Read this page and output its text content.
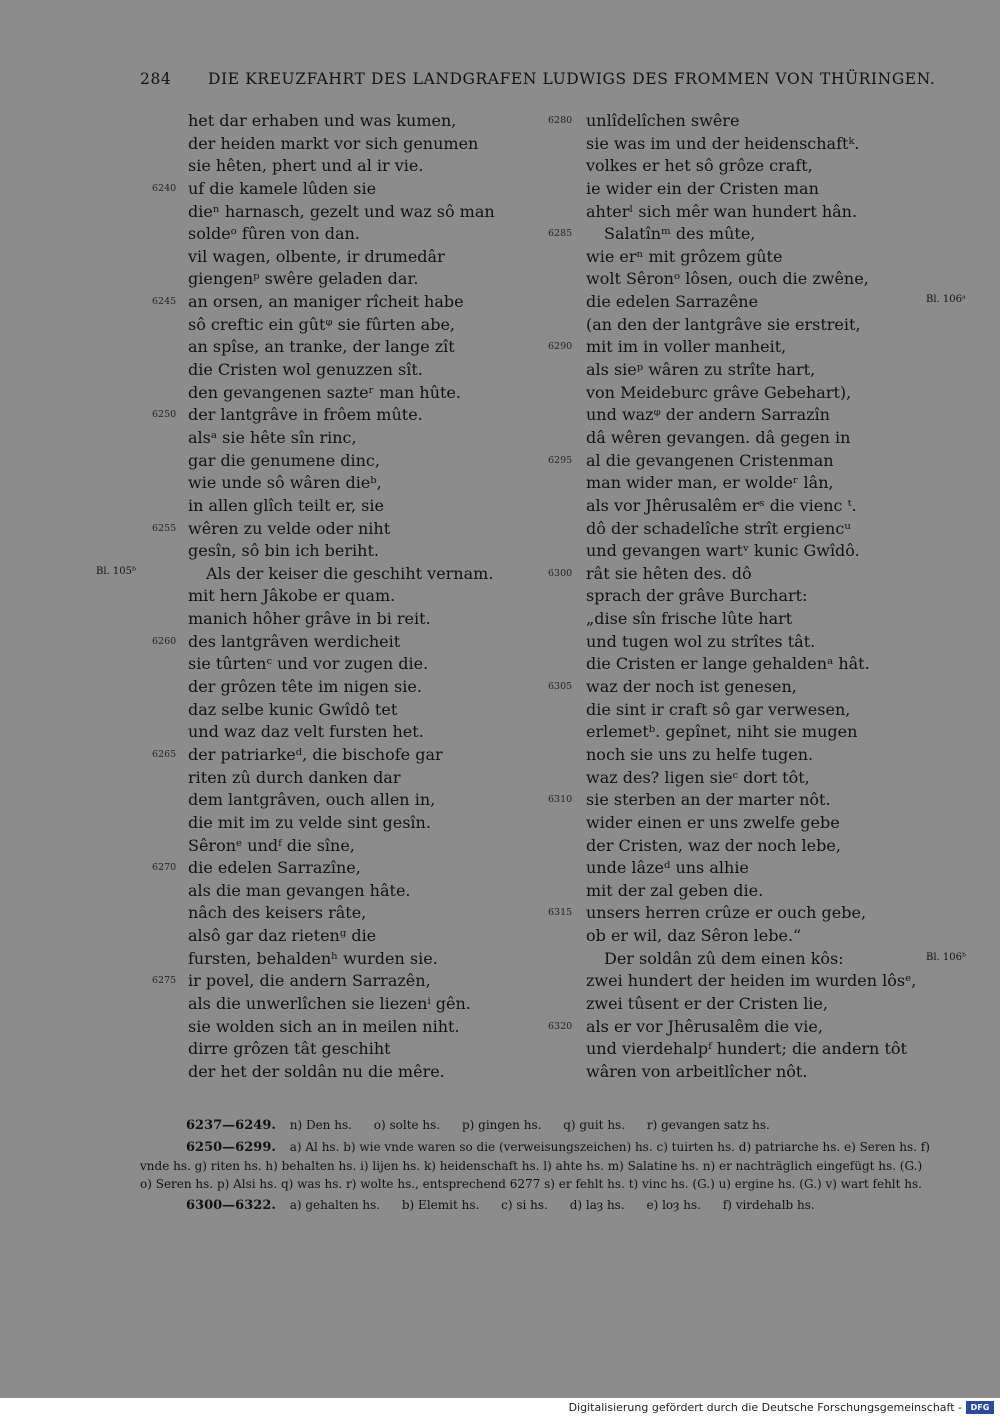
284 DIE KREUZFAHRT DES LANDGRAFEN LUDWIGS DES FROMMEN VON THÜRINGEN.
het dar erhaben und was kumen,
der heiden markt vor sich genumen
sie hêten, phert und al ir vie.
6240 uf die kamele lûden sie
dieⁿ harnasch, gezelt und waz sô man
soldeᵒ fûren von dan.
vil wagen, olbente, ir drumedâr
giengenᵖ swêre geladen dar.
6245 an orsen, an maniger rîcheit habe
sô creftic ein gûtᵠ sie fûrten abe,
an spîse, an tranke, der lange zît
die Cristen wol genuzzen sît.
den gevangenen sazteʳ man hûte.
6250 der lantgrâve in frôem mûte.
alsᵃ sie hête sîn rinc,
gar die genumene dinc,
wie unde sô wâren dieᵇ,
in allen glîch teilt er, sie
6255 wêren zu velde oder niht
gesîn, sô bin ich beriht.
Als der keiser die geschiht vernam.
mit hern Jâkobe er quam.
manich hôher grâve in bi reit.
6260 des lantgrâven werdicheit
sie tûrtenᶜ und vor zugen die.
der grôzen têtе im nigen sie.
daz selbe kunic Gwîdô tet
und waz daz velt fursten het.
6265 der patriarkeᵈ, die bischofe gar
riten zû durch danken dar
dem lantgrâven, ouch allen in,
die mit im zu velde sint gesîn.
Sêronᵉ undᶠ die sîne,
6270 die edelen Sarrazîne,
als die man gevangen hâte.
nâch des keisers râte,
alsô gar daz rietenᵍ die
fursten, behaldenʰ wurden sie.
6275 ir povel, die andern Sarrazên,
als die unwerlîchen sie liezenⁱ gên.
sie wolden sich an in meilen niht.
dirre grôzen tât geschiht
der het der soldân nu die mêre.
6280 unlîdelîchen swêre
sie was im und der heidenschaftᵏ.
volkes er het sô grôze craft,
ie wider ein der Cristen man
ahterˡ sich mêr wan hundert hân.
6285	Salatînᵐ des mûte,
wie erⁿ mit grôzem gûte
wolt Sêronᵒ lôsen, ouch die zwêne,
die edelen Sarrazêne
(an den der lantgrâve sie erstreit,
6290 mit im in voller manheit,
als sieᵖ wâren zu strîte hart,
von Meideburc grâve Gebehart),
und wazᵠ der andern Sarrazîn
dâ wêren gevangen. dâ gegen in
6295 al die gevangenen Cristenman
man wider man, er woldeʳ lân,
als vor Jhêrusalêm erˢ die vienc ᵗ.
dô der schadelîche strît ergiencᵘ
und gevangen wartᵛ kunic Gwîdô.
6300 rât sie hêten des. dô
sprach der grâve Burchart:
„dise sîn frische lûte hart
und tugen wol zu strîtes tât.
die Cristen er lange gehaldenᵃ hât.
6305 waz der noch ist genesen,
die sint ir craft sô gar verwesen,
erlemetᵇ. gepînet, niht sie mugen
noch sie uns zu helfe tugen.
waz des? ligen sieᶜ dort tôt,
6310 sie sterben an der marter nôt.
wider einen er uns zwelfe gebe
der Cristen, waz der noch lebe,
unde lâzeᵈ uns alhie
mit der zal geben die.
6315 unsers herren crûze er ouch gebe,
ob er wil, daz Sêron lebe.“
Der soldân zû dem einen kôs:
zwei hundert der heiden im wurden lôsᵉ,
zwei tûsent er der Cristen lie,
6320 als er vor Jhêrusalêm die vie,
und vierdehalpᶠ hundert; die andern tôt
wâren von arbeitlîcher nôt.
Bl. 105ᵇ
Bl. 106ᵃ
Bl. 106ᵇ
6237—6249. n) Den hs. o) solte hs. p) gingen hs. q) guit hs. r) gevangen satz hs.
6250—6299. a) Al hs. b) wie vnde waren so die (verweisungszeichen) hs. c) tuirten hs. d) patriarche hs. e) Seren hs. f) vnde hs. g) riten hs. h) behalten hs. i) lijen hs. k) heidenschaft hs. l) ahte hs. m) Salatine hs. n) er nachträglich eingefügt hs. (G.) o) Seren hs. p) Alsi hs. q) was hs. r) wolte hs., entsprechend 6277 s) er fehlt hs. t) vinc hs. (G.) u) ergine hs. (G.) v) wart fehlt hs.
6300—6322. a) gehalten hs. b) Elemit hs. c) si hs. d) laȝ hs. e) loȝ hs. f) virdehalb hs.
Digitalisierung gefördert durch die Deutsche Forschungsgemeinschaft -	DFG
